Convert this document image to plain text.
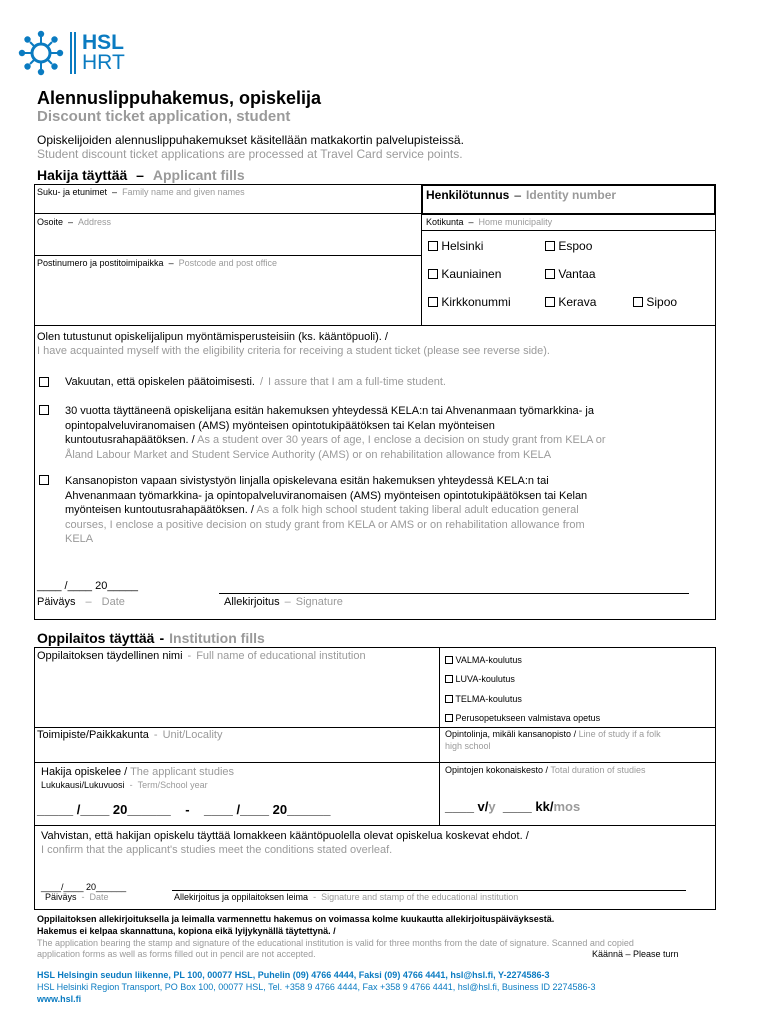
HSL
HRT
Alennuslippuhakemus, opiskelija
Discount ticket application, student
Opiskelijoiden alennuslippuhakemukset käsitellään matkakortin palvelupisteissä.
Student discount ticket applications are processed at Travel Card service points.
Hakija täyttää – Applicant fills
Suku- ja etunimet – Family name and given names	Henkilötunnus – Identity number
Osoite – Address	Kotikunta – Home municipality
Postinumero ja postitoimipaikka – Postcode and post office
Helsinki	Espoo
Kauniainen	Vantaa
Kirkkonummi	Kerava	Sipoo
Olen tutustunut opiskelijalipun myöntämisperusteisiin (ks. kääntöpuoli). /
I have acquainted myself with the eligibility criteria for receiving a student ticket (please see reverse side).
Vakuutan, että opiskelen päätoimisesti. / I assure that I am a full-time student.
30 vuotta täyttäneenä opiskelijana esitän hakemuksen yhteydessä KELA:n tai Ahvenanmaan työmarkkina- ja
opintopalveluviranomaisen (AMS) myönteisen opintotukipäätöksen tai Kelan myönteisen
kuntoutusrahapäätöksen. / As a student over 30 years of age, I enclose a decision on study grant from KELA or
Åland Labour Market and Student Service Authority (AMS) or on rehabilitation allowance from KELA
Kansanopiston vapaan sivistystyön linjalla opiskelevana esitän hakemuksen yhteydessä KELA:n tai
Ahvenanmaan työmarkkina- ja opintopalveluviranomaisen (AMS) myönteisen opintotukipäätöksen tai Kelan
myönteisen kuntoutusrahapäätöksen. / As a folk high school student taking liberal adult education general
courses, I enclose a positive decision on study grant from KELA or AMS or on rehabilitation allowance from
KELA
____ /____ 20_____
Päiväys – Date	Allekirjoitus – Signature
Oppilaitos täyttää - Institution fills
Oppilaitoksen täydellinen nimi - Full name of educational institution	VALMA-koulutus
LUVA-koulutus
TELMA-koulutus
Perusopetukseen valmistava opetus
Toimipiste/Paikkakunta - Unit/Locality	Opintolinja, mikäli kansanopisto / Line of study if a folk
high school
Hakija opiskelee / The applicant studies
Lukukausi/Lukuvuosi - Term/School year
_____ /____ 20______    -    ____ /____ 20______
Opintojen kokonaiskesto / Total duration of studies
____ v/y ____ kk/mos
Vahvistan, että hakijan opiskelu täyttää lomakkeen kääntöpuolella olevat opiskelua koskevat ehdot. /
I confirm that the applicant's studies meet the conditions stated overleaf.
____/____ 20______
Päiväys - Date	Allekirjoitus ja oppilaitoksen leima - Signature and stamp of the educational institution
Oppilaitoksen allekirjoituksella ja leimalla varmennettu hakemus on voimassa kolme kuukautta allekirjoituspäiväyksestä.
Hakemus ei kelpaa skannattuna, kopiona eikä lyijykynällä täytettynä. /
The application bearing the stamp and signature of the educational institution is valid for three months from the date of signature. Scanned and copied
application forms as well as forms filled out in pencil are not accepted.	Käännä – Please turn
HSL Helsingin seudun liikenne, PL 100, 00077 HSL, Puhelin (09) 4766 4444, Faksi (09) 4766 4441, hsl@hsl.fi, Y-2274586-3
HSL Helsinki Region Transport, PO Box 100, 00077 HSL, Tel. +358 9 4766 4444, Fax +358 9 4766 4441, hsl@hsl.fi, Business ID 2274586-3
www.hsl.fi
